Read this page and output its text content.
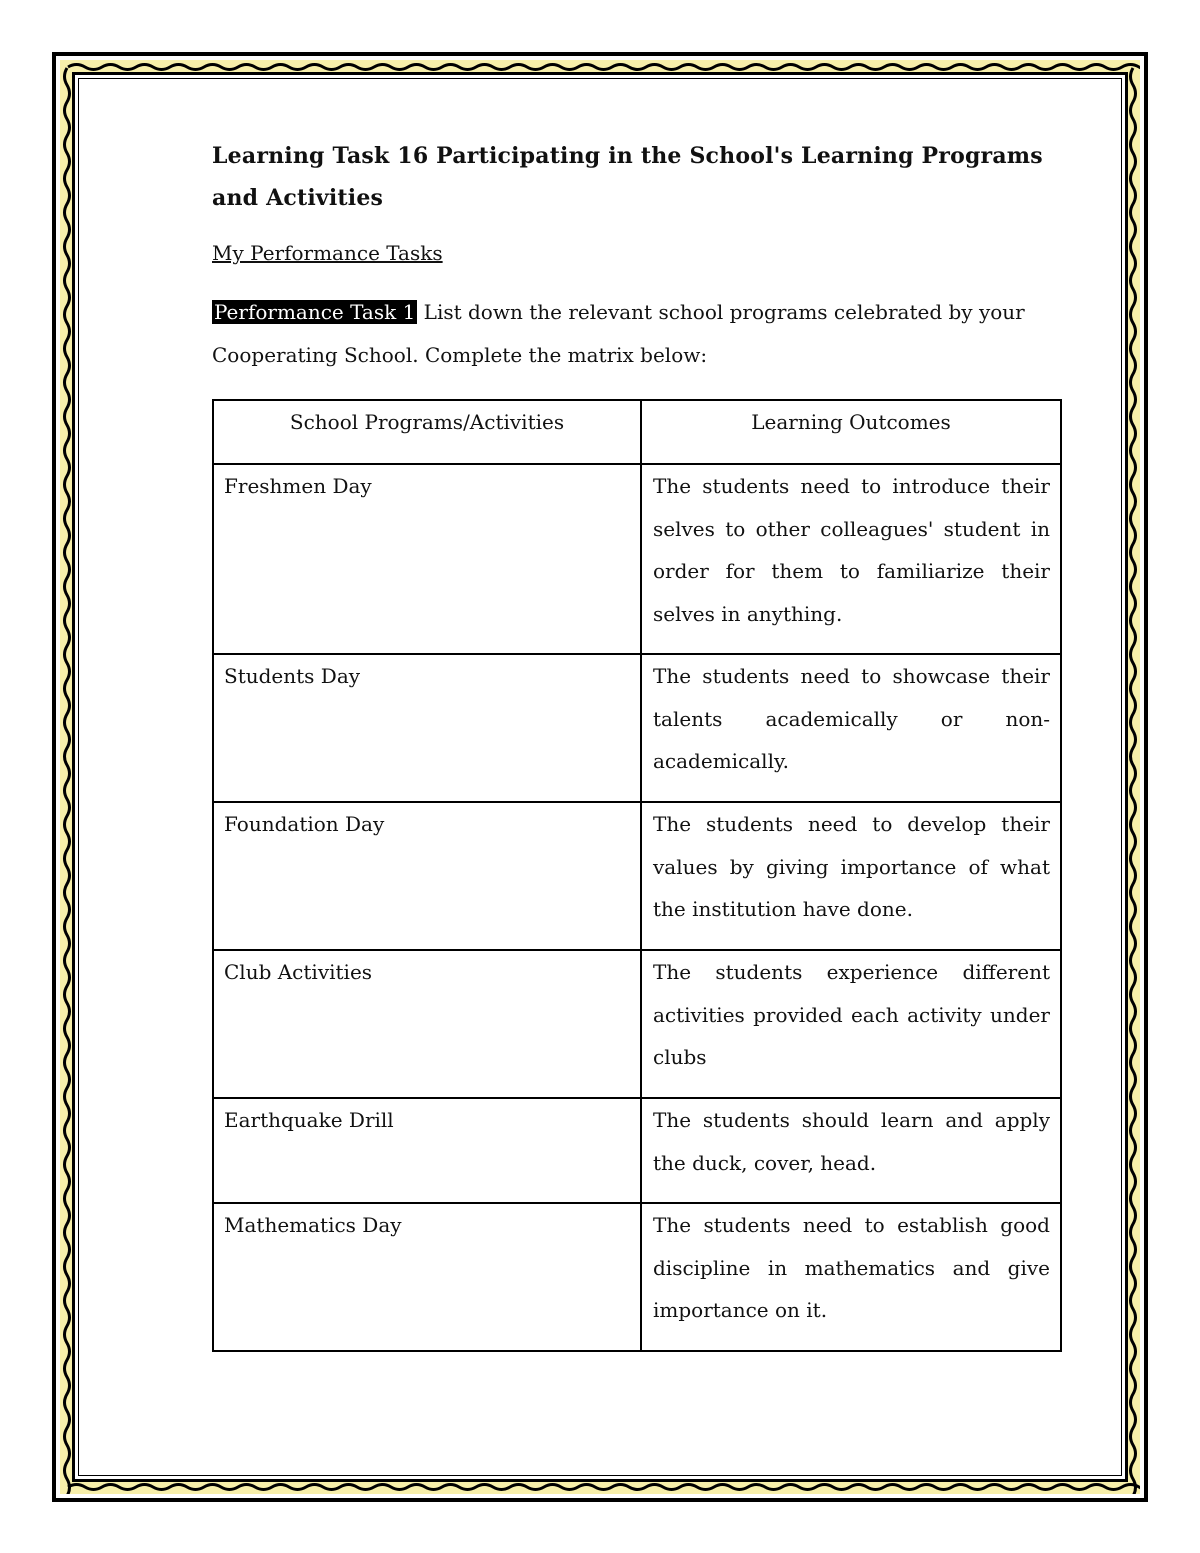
Learning Task 16 Participating in the School's Learning Programs and Activities

My Performance Tasks

Performance Task 1 List down the relevant school programs celebrated by your Cooperating School. Complete the matrix below:

School Programs/Activities	Learning Outcomes
Freshmen Day	The students need to introduce their selves to other colleagues' student in order for them to familiarize their selves in anything.
Students Day	The students need to showcase their talents academically or non-academically.
Foundation Day	The students need to develop their values by giving importance of what the institution have done.
Club Activities	The students experience different activities provided each activity under clubs
Earthquake Drill	The students should learn and apply the duck, cover, head.
Mathematics Day	The students need to establish good discipline in mathematics and give importance on it.
